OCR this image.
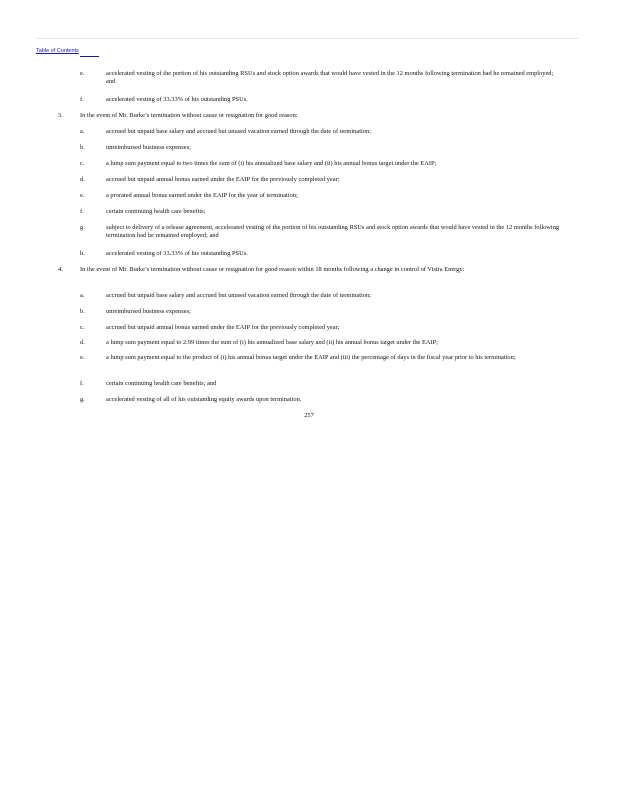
Table of Contents
e.	accelerated vesting of the portion of his outstanding RSUs and stock option awards that would have vested in the 12 months following termination had he remained employed; and
f.	accelerated vesting of 33.33% of his outstanding PSUs.
3.	In the event of Mr. Burke’s termination without cause or resignation for good reason:
a.	accrued but unpaid base salary and accrued but unused vacation earned through the date of termination;
b.	unreimbursed business expenses;
c.	a lump sum payment equal to two times the sum of (i) his annualized base salary and (ii) his annual bonus target under the EAIP;
d.	accrued but unpaid annual bonus earned under the EAIP for the previously completed year;
e.	a prorated annual bonus earned under the EAIP for the year of termination;
f.	certain continuing health care benefits;
g.	subject to delivery of a release agreement, accelerated vesting of the portion of his outstanding RSUs and stock option awards that would have vested in the 12 months following termination had he remained employed; and
h.	accelerated vesting of 33.33% of his outstanding PSUs.
4.	In the event of Mr. Burke’s termination without cause or resignation for good reason within 18 months following a change in control of Vistra Energy:
a.	accrued but unpaid base salary and accrued but unused vacation earned through the date of termination;
b.	unreimbursed business expenses;
c.	accrued but unpaid annual bonus earned under the EAIP for the previously completed year;
d.	a lump sum payment equal to 2.99 times the sum of (i) his annualized base salary and (ii) his annual bonus target under the EAIP;
e.	a lump sum payment equal to the product of (i) his annual bonus target under the EAIP and (iii) the percentage of days in the fiscal year prior to his termination;
f.	certain continuing health care benefits; and
g.	accelerated vesting of all of his outstanding equity awards upon termination.
257
